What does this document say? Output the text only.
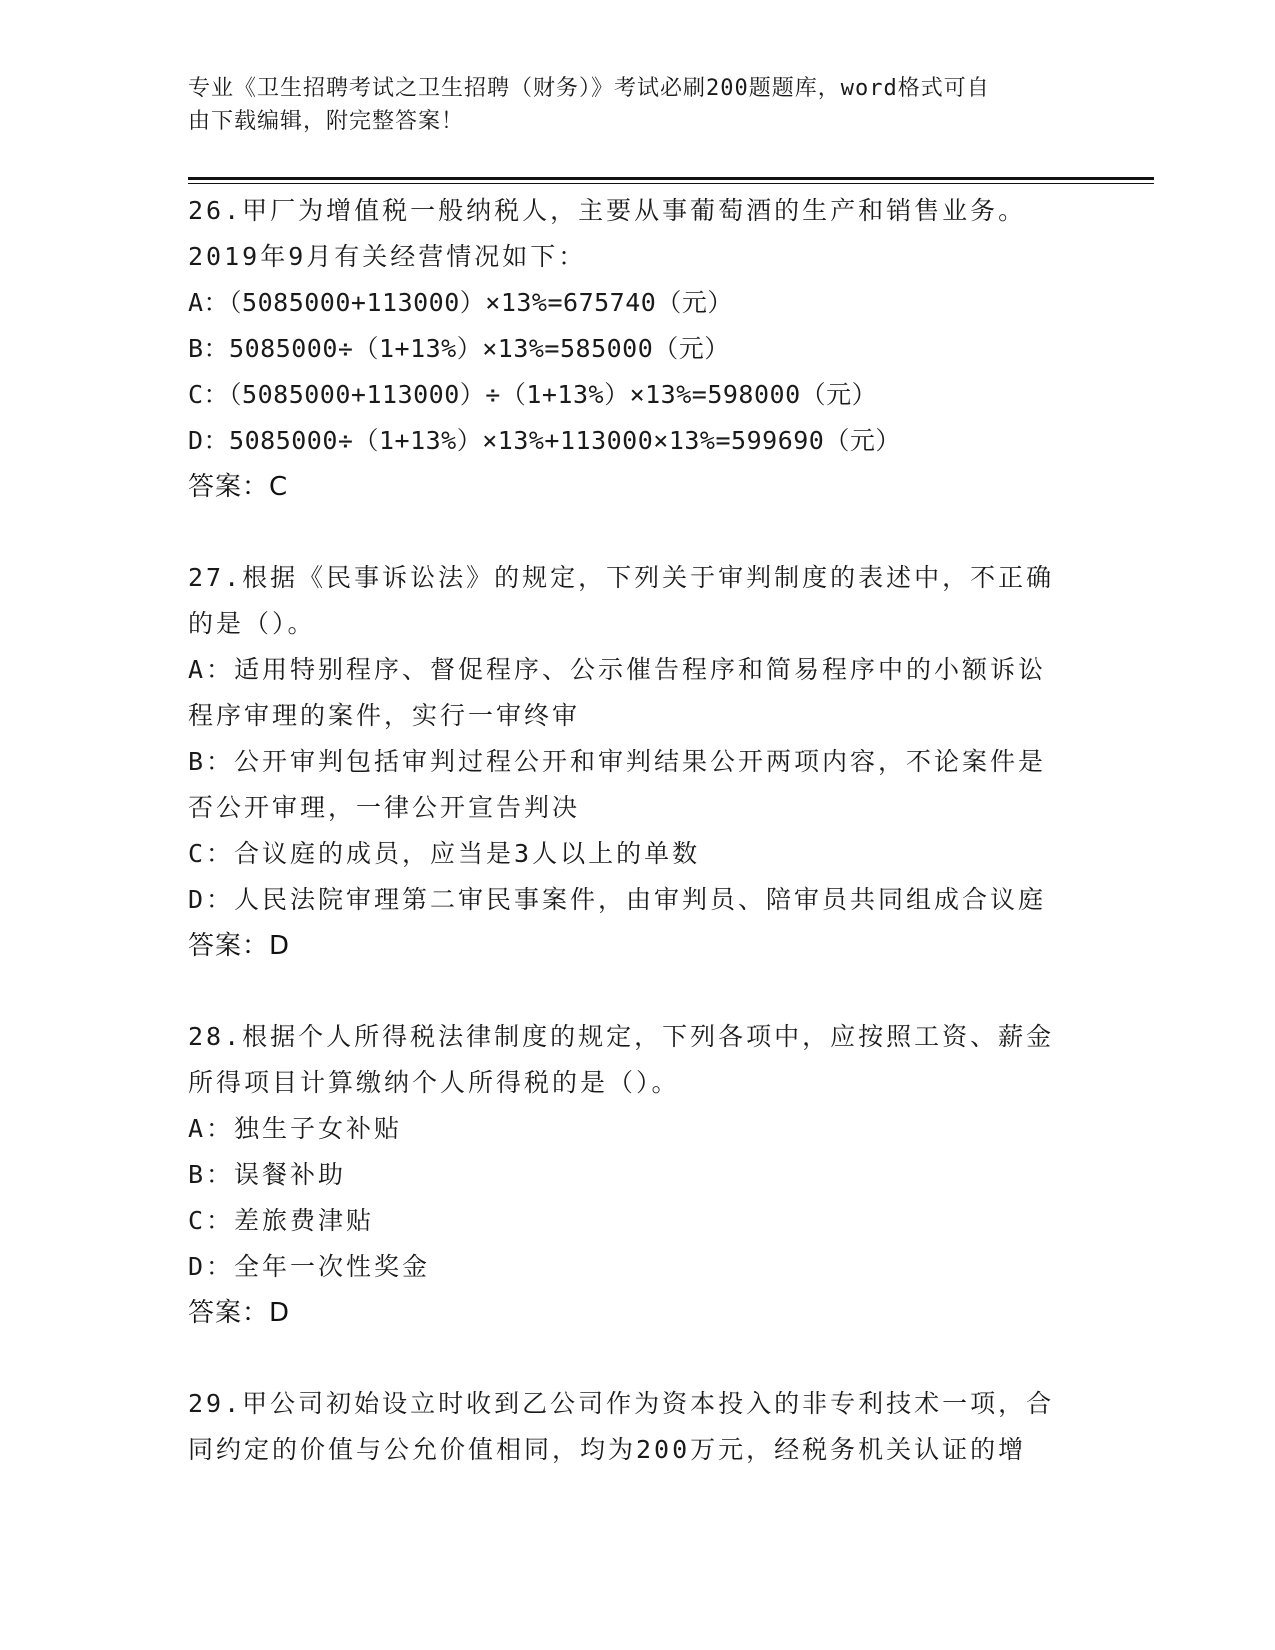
专业《卫生招聘考试之卫生招聘（财务）》考试必刷200题题库，word格式可自
由下载编辑，附完整答案！
26.甲厂为增值税一般纳税人，主要从事葡萄酒的生产和销售业务。
2019年9月有关经营情况如下：
A：（5085000+113000）×13%=675740（元）
B：5085000÷（1+13%）×13%=585000（元）
C：（5085000+113000）÷（1+13%）×13%=598000（元）
D：5085000÷（1+13%）×13%+113000×13%=599690（元）
答案：C
27.根据《民事诉讼法》的规定，下列关于审判制度的表述中，不正确
的是（）。
A：适用特别程序、督促程序、公示催告程序和简易程序中的小额诉讼
程序审理的案件，实行一审终审
B：公开审判包括审判过程公开和审判结果公开两项内容，不论案件是
否公开审理，一律公开宣告判决
C：合议庭的成员，应当是3人以上的单数
D：人民法院审理第二审民事案件，由审判员、陪审员共同组成合议庭
答案：D
28.根据个人所得税法律制度的规定，下列各项中，应按照工资、薪金
所得项目计算缴纳个人所得税的是（）。
A：独生子女补贴
B：误餐补助
C：差旅费津贴
D：全年一次性奖金
答案：D
29.甲公司初始设立时收到乙公司作为资本投入的非专利技术一项，合
同约定的价值与公允价值相同，均为200万元，经税务机关认证的增
